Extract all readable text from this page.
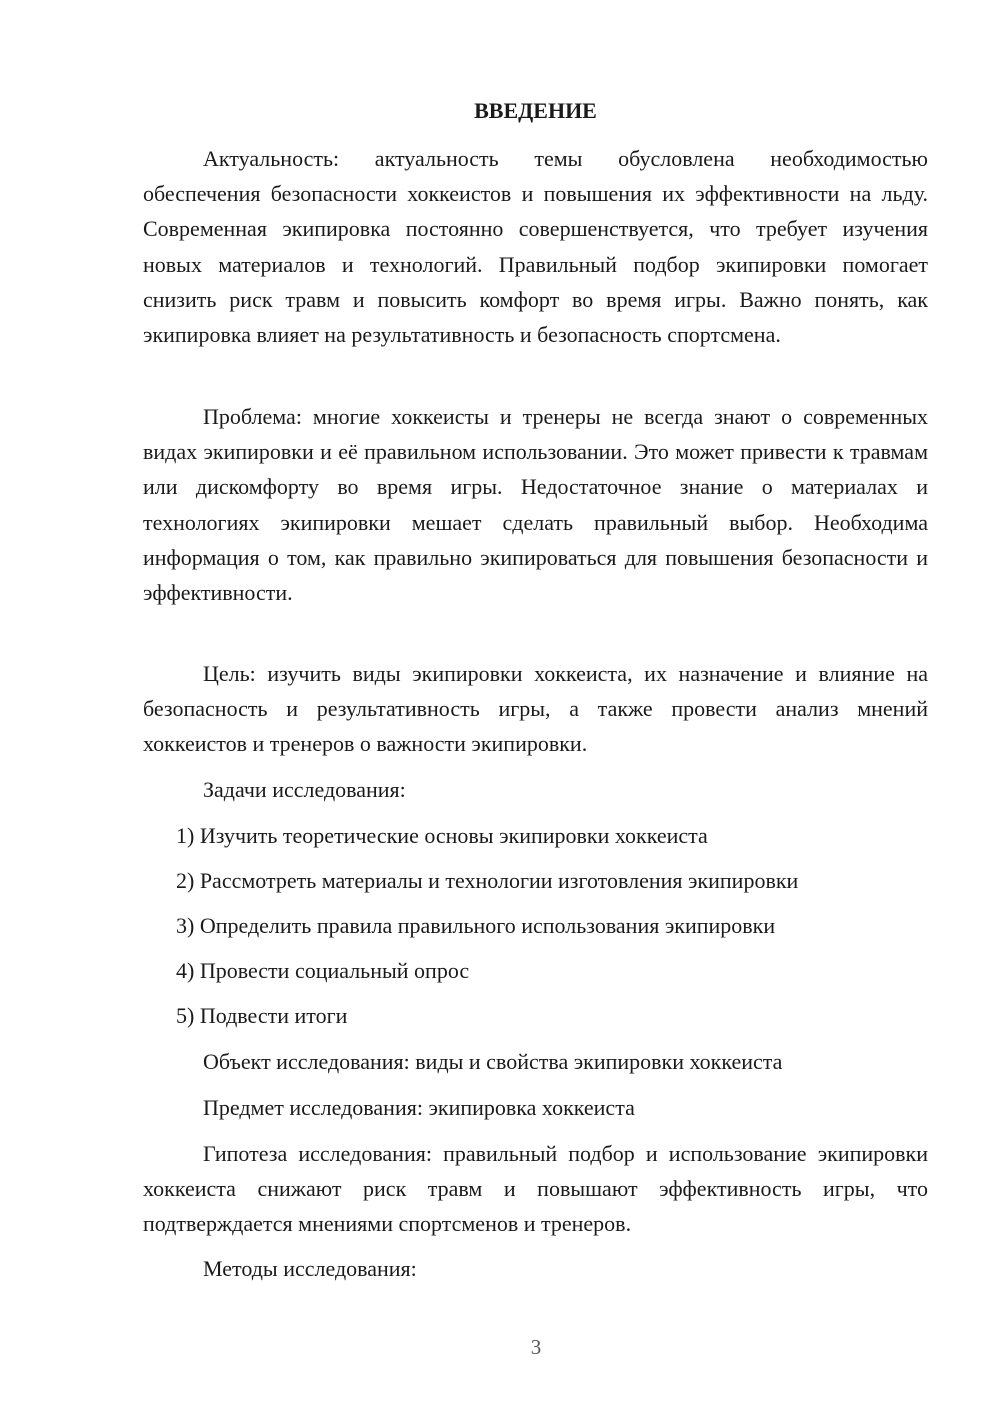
ВВЕДЕНИЕ

Актуальность: актуальность темы обусловлена необходимостью обеспечения безопасности хоккеистов и повышения их эффективности на льду. Современная экипировка постоянно совершенствуется, что требует изучения новых материалов и технологий. Правильный подбор экипировки помогает снизить риск травм и повысить комфорт во время игры. Важно понять, как экипировка влияет на результативность и безопасность спортсмена.

Проблема: многие хоккеисты и тренеры не всегда знают о современных видах экипировки и её правильном использовании. Это может привести к травмам или дискомфорту во время игры. Недостаточное знание о материалах и технологиях экипировки мешает сделать правильный выбор. Необходима информация о том, как правильно экипироваться для повышения безопасности и эффективности.

Цель: изучить виды экипировки хоккеиста, их назначение и влияние на безопасность и результативность игры, а также провести анализ мнений хоккеистов и тренеров о важности экипировки.

Задачи исследования:

1) Изучить теоретические основы экипировки хоккеиста

2) Рассмотреть материалы и технологии изготовления экипировки

3) Определить правила правильного использования экипировки

4) Провести социальный опрос

5) Подвести итоги

Объект исследования: виды и свойства экипировки хоккеиста

Предмет исследования: экипировка хоккеиста

Гипотеза исследования: правильный подбор и использование экипировки хоккеиста снижают риск травм и повышают эффективность игры, что подтверждается мнениями спортсменов и тренеров.

Методы исследования:

3
